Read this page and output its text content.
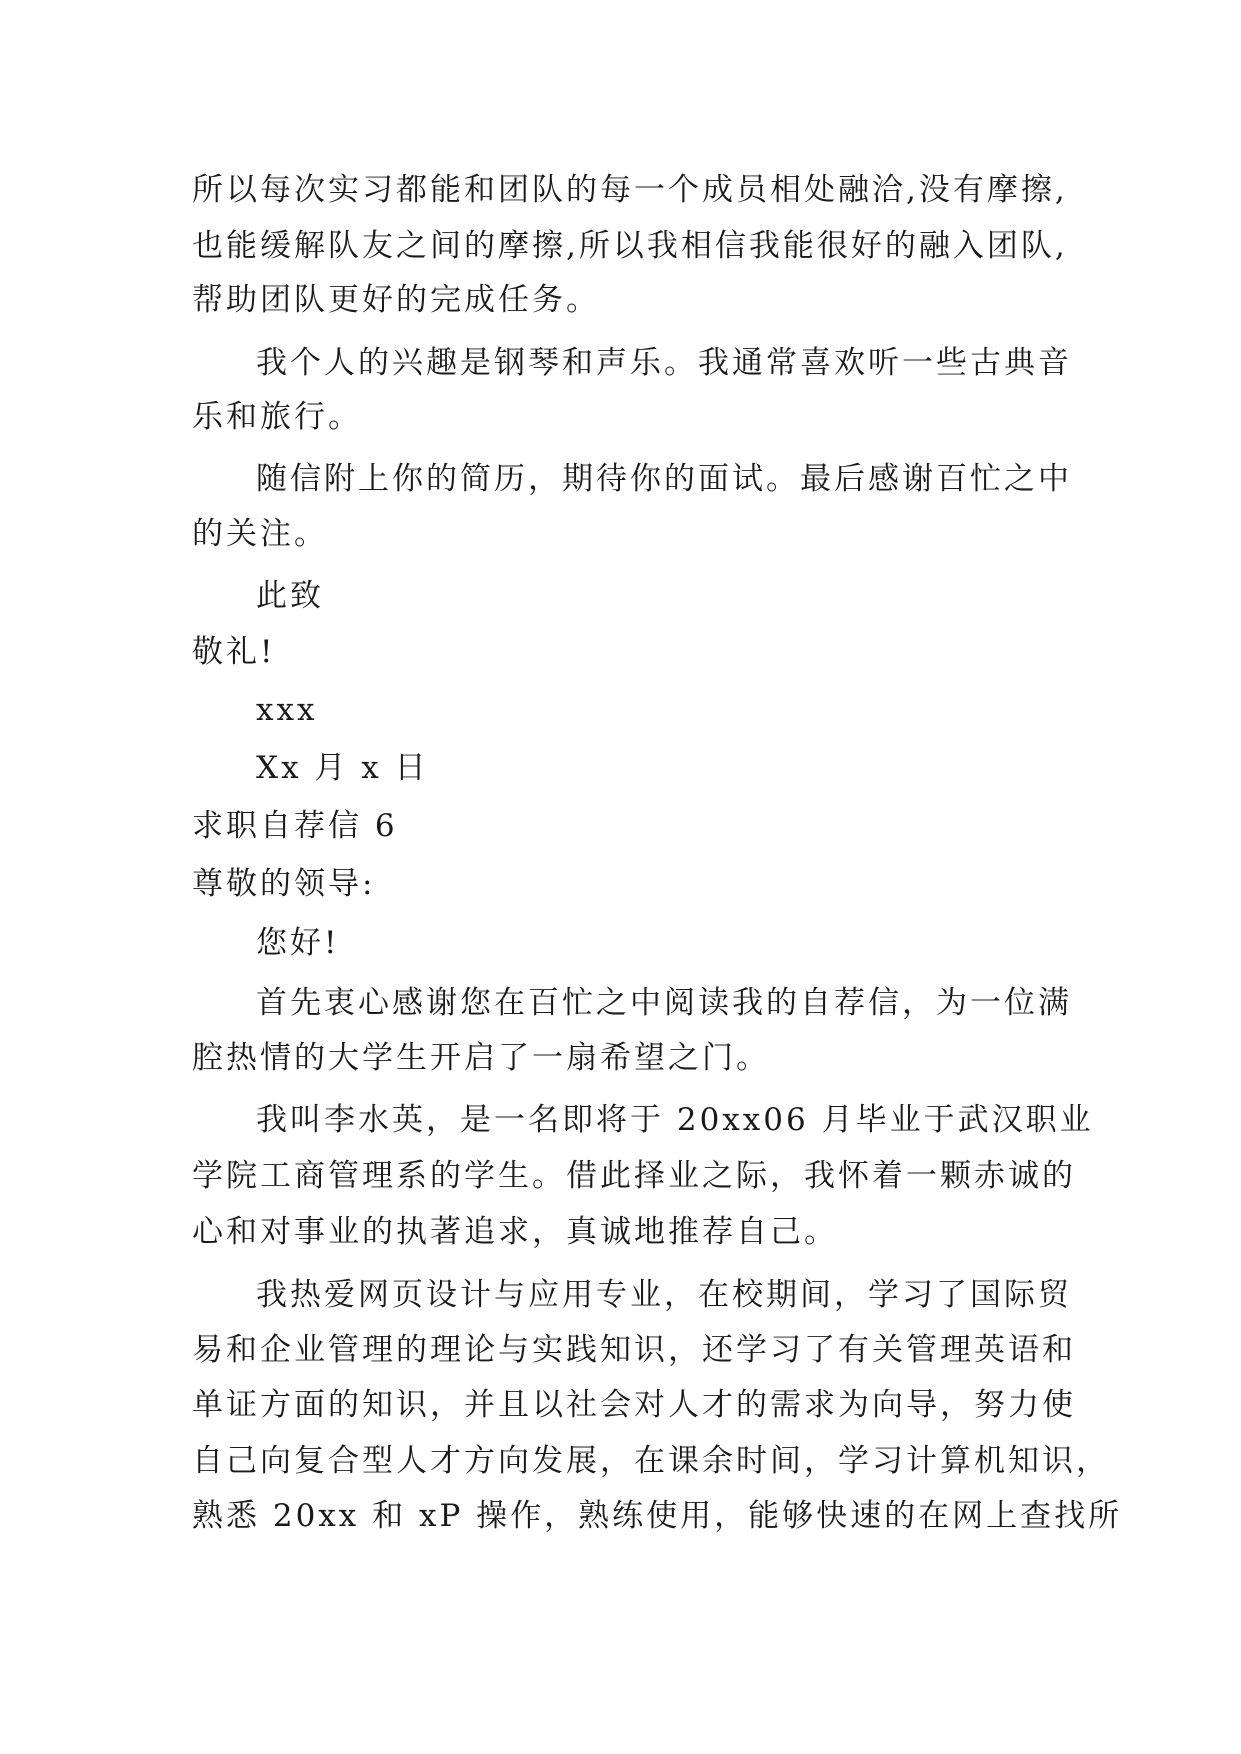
所以每次实习都能和团队的每一个成员相处融洽,没有摩擦,
也能缓解队友之间的摩擦,所以我相信我能很好的融入团队,
帮助团队更好的完成任务。
我个人的兴趣是钢琴和声乐。我通常喜欢听一些古典音
乐和旅行。
随信附上你的简历，期待你的面试。最后感谢百忙之中
的关注。
此致
敬礼!
xxx
Xx 月 x 日
求职自荐信 6
尊敬的领导:
您好!
首先衷心感谢您在百忙之中阅读我的自荐信，为一位满
腔热情的大学生开启了一扇希望之门。
我叫李水英，是一名即将于 20xx06 月毕业于武汉职业
学院工商管理系的学生。借此择业之际，我怀着一颗赤诚的
心和对事业的执著追求，真诚地推荐自己。
我热爱网页设计与应用专业，在校期间，学习了国际贸
易和企业管理的理论与实践知识，还学习了有关管理英语和
单证方面的知识，并且以社会对人才的需求为向导，努力使
自己向复合型人才方向发展，在课余时间，学习计算机知识，
熟悉 20xx 和 xP 操作，熟练使用，能够快速的在网上查找所
